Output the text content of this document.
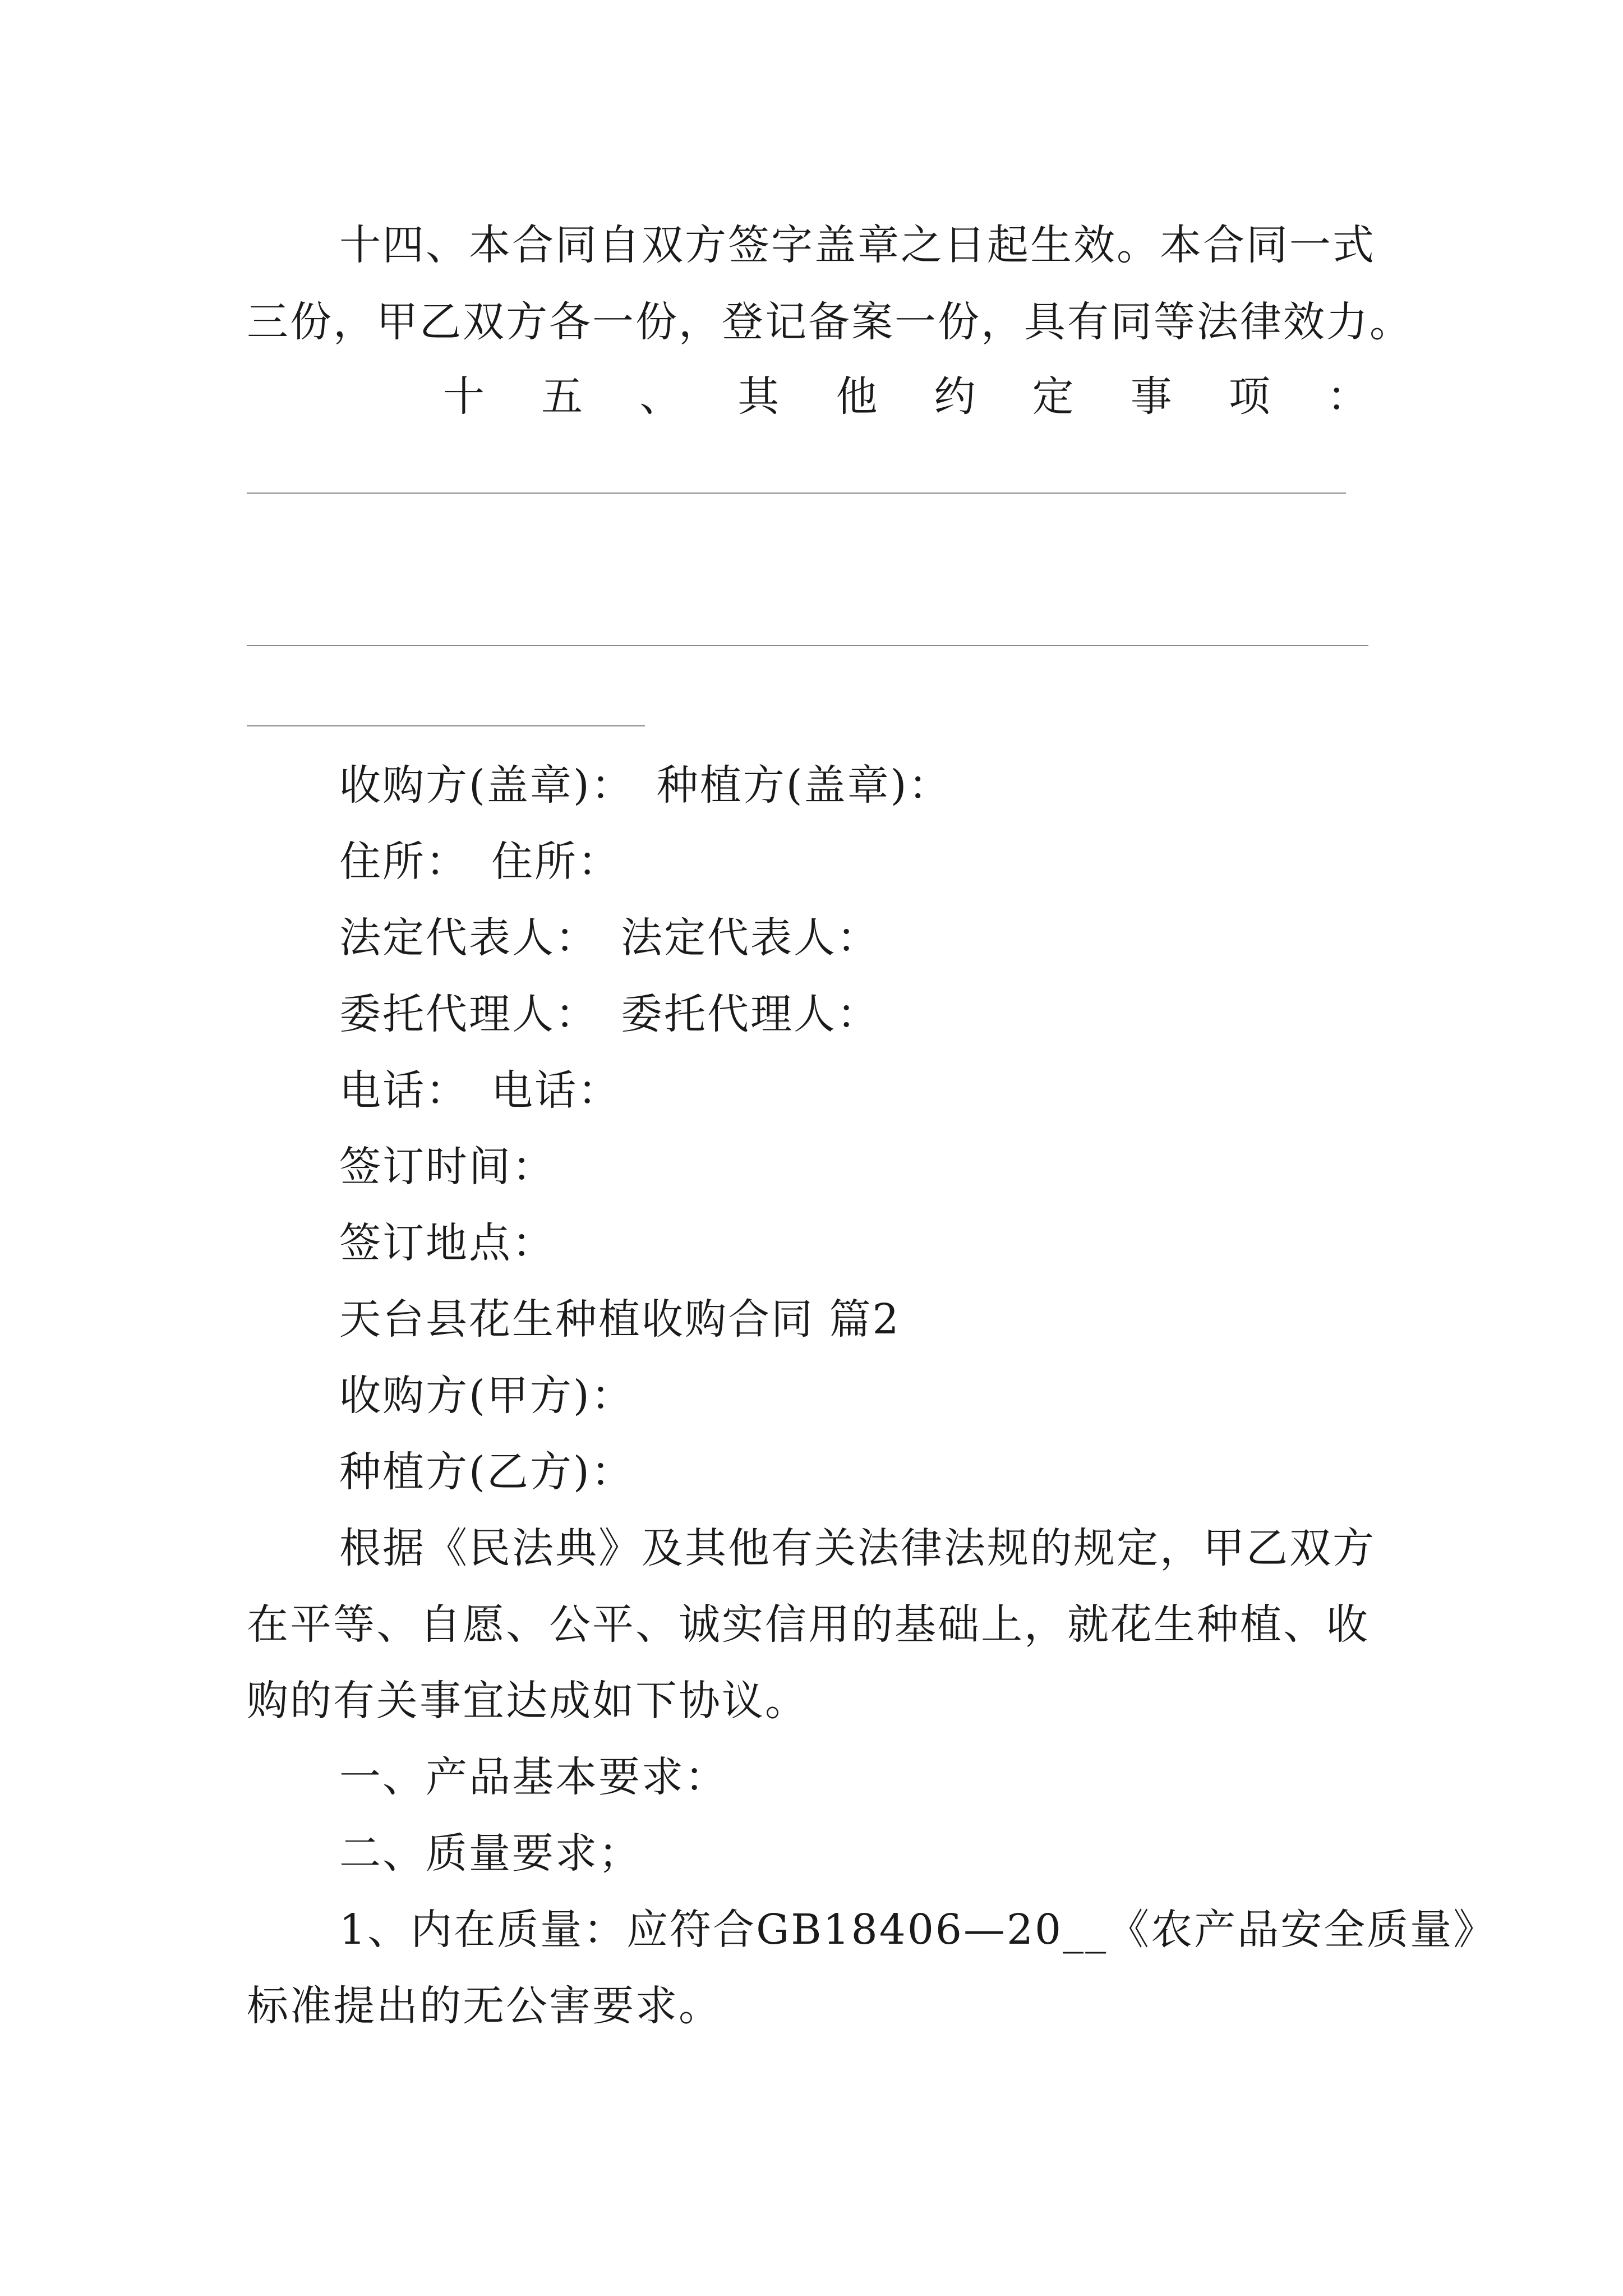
十四、本合同自双方签字盖章之日起生效。本合同一式
三份，甲乙双方各一份，登记备案一份，具有同等法律效力。
十 五 、 其 他 约 定 事 项 ：
收购方(盖章)：　种植方(盖章)：
住所：　住所：
法定代表人：　法定代表人：
委托代理人：　委托代理人：
电话：　电话：
签订时间：
签订地点：
天台县花生种植收购合同 篇2
收购方(甲方)：
种植方(乙方)：
根据《民法典》及其他有关法律法规的规定，甲乙双方
在平等、自愿、公平、诚实信用的基础上，就花生种植、收
购的有关事宜达成如下协议。
一、产品基本要求：
二、质量要求；
1、内在质量：应符合GB18406—20__《农产品安全质量》
标准提出的无公害要求。
